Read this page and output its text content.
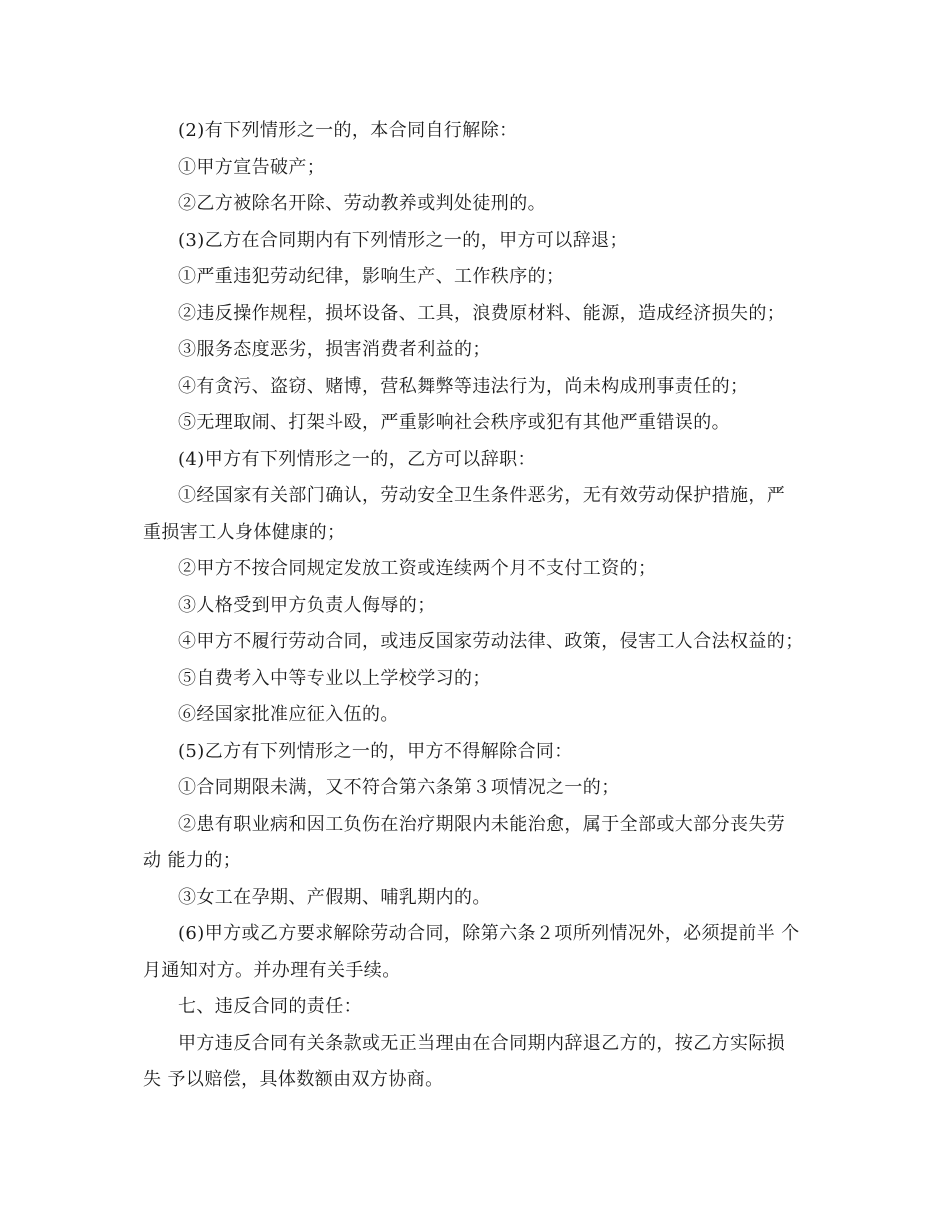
(2)有下列情形之一的，本合同自行解除：
①甲方宣告破产；
②乙方被除名开除、劳动教养或判处徒刑的。
(3)乙方在合同期内有下列情形之一的，甲方可以辞退；
①严重违犯劳动纪律，影响生产、工作秩序的；
②违反操作规程，损坏设备、工具，浪费原材料、能源，造成经济损失的；
③服务态度恶劣，损害消费者利益的；
④有贪污、盗窃、赌博，营私舞弊等违法行为，尚未构成刑事责任的；
⑤无理取闹、打架斗殴，严重影响社会秩序或犯有其他严重错误的。
(4)甲方有下列情形之一的，乙方可以辞职：
①经国家有关部门确认，劳动安全卫生条件恶劣，无有效劳动保护措施，严
重损害工人身体健康的；
②甲方不按合同规定发放工资或连续两个月不支付工资的；
③人格受到甲方负责人侮辱的；
④甲方不履行劳动合同，或违反国家劳动法律、政策，侵害工人合法权益的；
⑤自费考入中等专业以上学校学习的；
⑥经国家批准应征入伍的。
(5)乙方有下列情形之一的，甲方不得解除合同：
①合同期限未满，又不符合第六条第３项情况之一的；
②患有职业病和因工负伤在治疗期限内未能治愈，属于全部或大部分丧失劳
动 能力的；
③女工在孕期、产假期、哺乳期内的。
(6)甲方或乙方要求解除劳动合同，除第六条２项所列情况外，必须提前半 个
月通知对方。并办理有关手续。
七、违反合同的责任：
甲方违反合同有关条款或无正当理由在合同期内辞退乙方的，按乙方实际损
失 予以赔偿，具体数额由双方协商。
